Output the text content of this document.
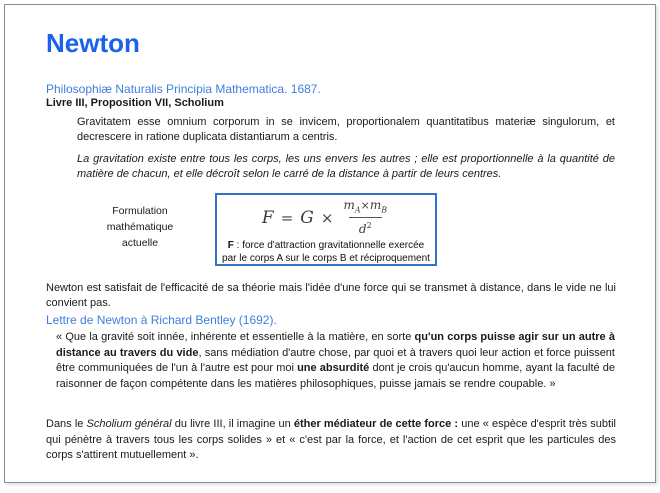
Newton
Philosophiæ Naturalis Principia Mathematica. 1687.
Livre III, Proposition VII, Scholium
Gravitatem esse omnium corporum in se invicem, proportionalem quantitatibus materiæ singulorum, et decrescere in ratione duplicata distantiarum a centris.
La gravitation existe entre tous les corps, les uns envers les autres ; elle est proportionnelle à la quantité de matière de chacun, et elle décroît selon le carré de la distance à partir de leurs centres.
Formulation
mathématique
actuelle
$F = G \times \frac{m_A\times m_B}{d^2}$
F : force d'attraction gravitationnelle exercée par le corps A sur le corps B et réciproquement
Newton est satisfait de l'efficacité de sa théorie mais l'idée d'une force qui se transmet à distance, dans le vide ne lui convient pas.
Lettre de Newton à Richard Bentley (1692).
« Que la gravité soit innée, inhérente et essentielle à la matière, en sorte qu'un corps puisse agir sur un autre à distance au travers du vide, sans médiation d'autre chose, par quoi et à travers quoi leur action et force puissent être communiquées de l'un à l'autre est pour moi une absurdité dont je crois qu'aucun homme, ayant la faculté de raisonner de façon compétente dans les matières philosophiques, puisse jamais se rendre coupable. »
Dans le Scholium général du livre III, il imagine un éther médiateur de cette force : une « espèce d'esprit très subtil qui pénètre à travers tous les corps solides » et « c'est par la force, et l'action de cet esprit que les particules des corps s'attirent mutuellement ».
